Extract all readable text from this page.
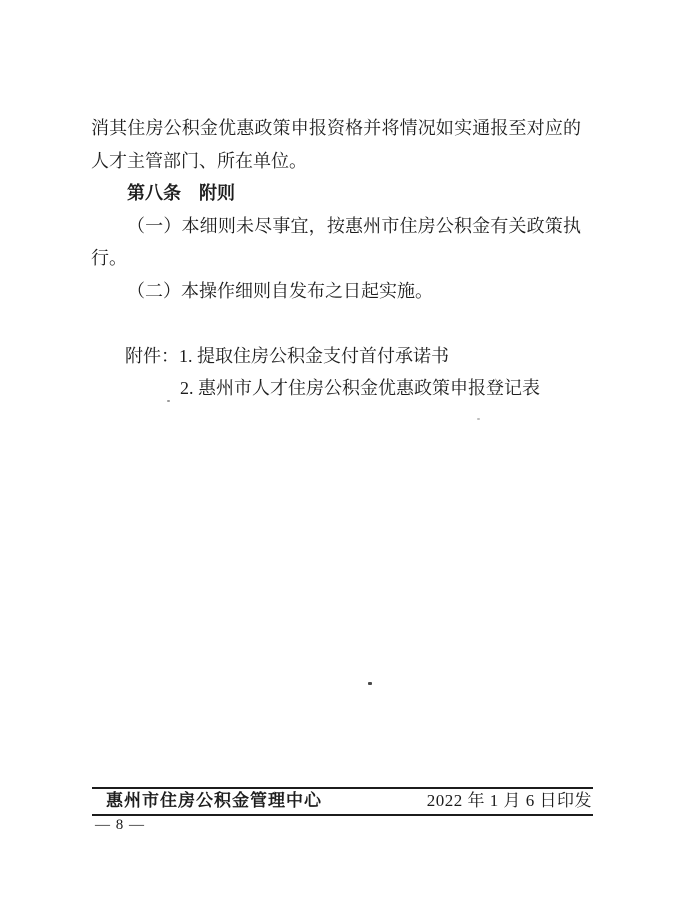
消其住房公积金优惠政策申报资格并将情况如实通报至对应的人才主管部门、所在单位。

第八条　附则

（一）本细则未尽事宜，按惠州市住房公积金有关政策执行。

（二）本操作细则自发布之日起实施。

附件：1. 提取住房公积金支付首付承诺书
2. 惠州市人才住房公积金优惠政策申报登记表
惠州市住房公积金管理中心	2022 年 1 月 6 日印发
— 8 —
